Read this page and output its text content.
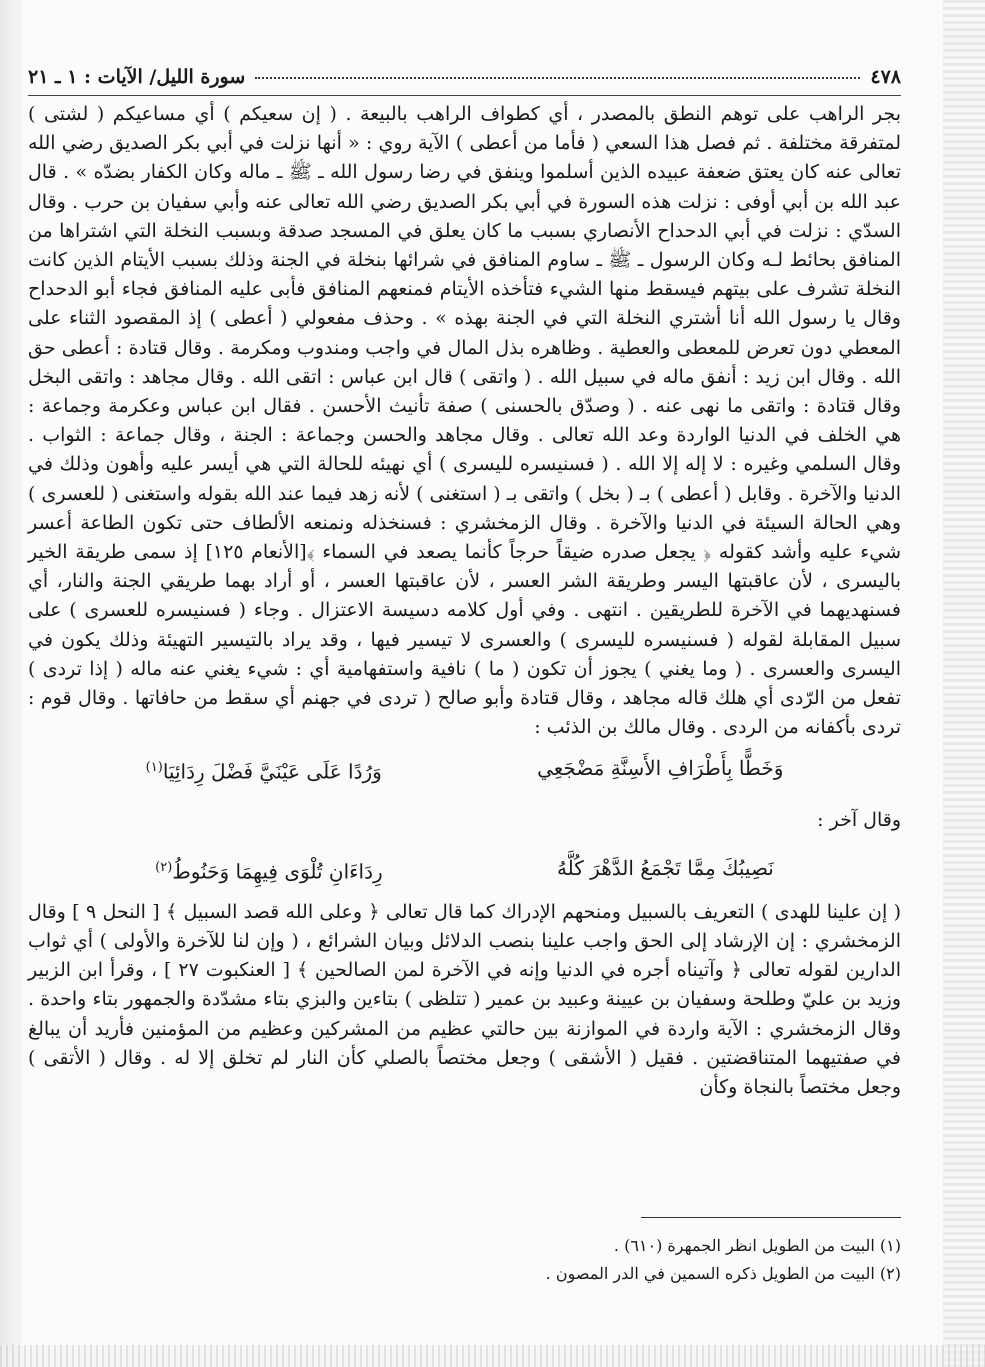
٤٧٨
سورة الليل/ الآيات : ١ ـ ٢١

بجر الراهب على توهم النطق بالمصدر ، أي كطواف الراهب بالبيعة . ( إن سعيكم ) أي مساعيكم ( لشتى ) لمتفرقة مختلفة . ثم فصل هذا السعي ( فأما من أعطى ) الآية روي : « أنها نزلت في أبي بكر الصديق رضي الله تعالى عنه كان يعتق ضعفة عبيده الذين أسلموا وينفق في رضا رسول الله ـ ﷺ ـ ماله وكان الكفار بضدّه » . قال عبد الله بن أبي أوفى : نزلت هذه السورة في أبي بكر الصديق رضي الله تعالى عنه وأبي سفيان بن حرب . وقال السدّي : نزلت في أبي الدحداح الأنصاري بسبب ما كان يعلق في المسجد صدقة وبسبب النخلة التي اشتراها من المنافق بحائط لـه وكان الرسول ـ ﷺ ـ ساوم المنافق في شرائها بنخلة في الجنة وذلك بسبب الأيتام الذين كانت النخلة تشرف على بيتهم فيسقط منها الشيء فتأخذه الأيتام فمنعهم المنافق فأبى عليه المنافق فجاء أبو الدحداح وقال يا رسول الله أنا أشتري النخلة التي في الجنة بهذه » . وحذف مفعولي ( أعطى ) إذ المقصود الثناء على المعطي دون تعرض للمعطى والعطية . وظاهره بذل المال في واجب ومندوب ومكرمة . وقال قتادة : أعطى حق الله . وقال ابن زيد : أنفق ماله في سبيل الله . ( واتقى ) قال ابن عباس : اتقى الله . وقال مجاهد : واتقى البخل وقال قتادة : واتقى ما نهى عنه . ( وصدّق بالحسنى ) صفة تأنيث الأحسن . فقال ابن عباس وعكرمة وجماعة : هي الخلف في الدنيا الواردة وعد الله تعالى . وقال مجاهد والحسن وجماعة : الجنة ، وقال جماعة : الثواب . وقال السلمي وغيره : لا إله إلا الله . ( فسنيسره لليسرى ) أي نهيئه للحالة التي هي أيسر عليه وأهون وذلك في الدنيا والآخرة . وقابل ( أعطى ) بـ ( بخل ) واتقى بـ ( استغنى ) لأنه زهد فيما عند الله بقوله واستغنى ( للعسرى ) وهي الحالة السيئة في الدنيا والآخرة . وقال الزمخشري : فسنخذله ونمنعه الألطاف حتى تكون الطاعة أعسر شيء عليه وأشد كقوله ﴿ يجعل صدره ضيقاً حرجاً كأنما يصعد في السماء ﴾[الأنعام ١٢٥] إذ سمى طريقة الخير باليسرى ، لأن عاقبتها اليسر وطريقة الشر العسر ، لأن عاقبتها العسر ، أو أراد بهما طريقي الجنة والنار، أي فسنهديهما في الآخرة للطريقين . انتهى . وفي أول كلامه دسيسة الاعتزال . وجاء ( فسنيسره للعسرى ) على سبيل المقابلة لقوله ( فسنيسره لليسرى ) والعسرى لا تيسير فيها ، وقد يراد بالتيسير التهيئة وذلك يكون في اليسرى والعسرى . ( وما يغني ) يجوز أن تكون ( ما ) نافية واستفهامية أي : شيء يغني عنه ماله ( إذا تردى ) تفعل من الرّدى أي هلك قاله مجاهد ، وقال قتادة وأبو صالح ( تردى في جهنم أي سقط من حافاتها . وقال قوم : تردى بأكفانه من الردى . وقال مالك بن الذئب :

وَخَطًّا بِأَطْرَافِ الأَسِنَّةِ مَضْجَعِي
وَرُدًا عَلَى عَيْنَيَّ فَضْلَ رِدَائِيَا$^{(١)}$

وقال آخر :

نَصِيبُكَ مِمَّا تَجْمَعُ الدَّهْرَ كُلَّهُ
رِدَاءَانِ تُلْوَى فِيهِمَا وَحَنُوطُ$^{(٢)}$

( إن علينا للهدى ) التعريف بالسبيل ومنحهم الإدراك كما قال تعالى ﴿ وعلى الله قصد السبيل ﴾ [ النحل ٩ ] وقال الزمخشري : إن الإرشاد إلى الحق واجب علينا بنصب الدلائل وبيان الشرائع ، ( وإن لنا للآخرة والأولى ) أي ثواب الدارين لقوله تعالى ﴿ وآتيناه أجره في الدنيا وإنه في الآخرة لمن الصالحين ﴾ [ العنكبوت ٢٧ ] ، وقرأ ابن الزبير وزيد بن عليّ وطلحة وسفيان بن عيينة وعبيد بن عمير ( تتلظى ) بتاءين والبزي بتاء مشدّدة والجمهور بتاء واحدة . وقال الزمخشري : الآية واردة في الموازنة بين حالتي عظيم من المشركين وعظيم من المؤمنين فأريد أن يبالغ في صفتيهما المتناقضتين . فقيل ( الأشقى ) وجعل مختصاً بالصلي كأن النار لم تخلق إلا له . وقال ( الأتقى ) وجعل مختصاً بالنجاة وكأن

(١) البيت من الطويل انظر الجمهرة (٦١٠) .
(٢) البيت من الطويل ذكره السمين في الدر المصون .
